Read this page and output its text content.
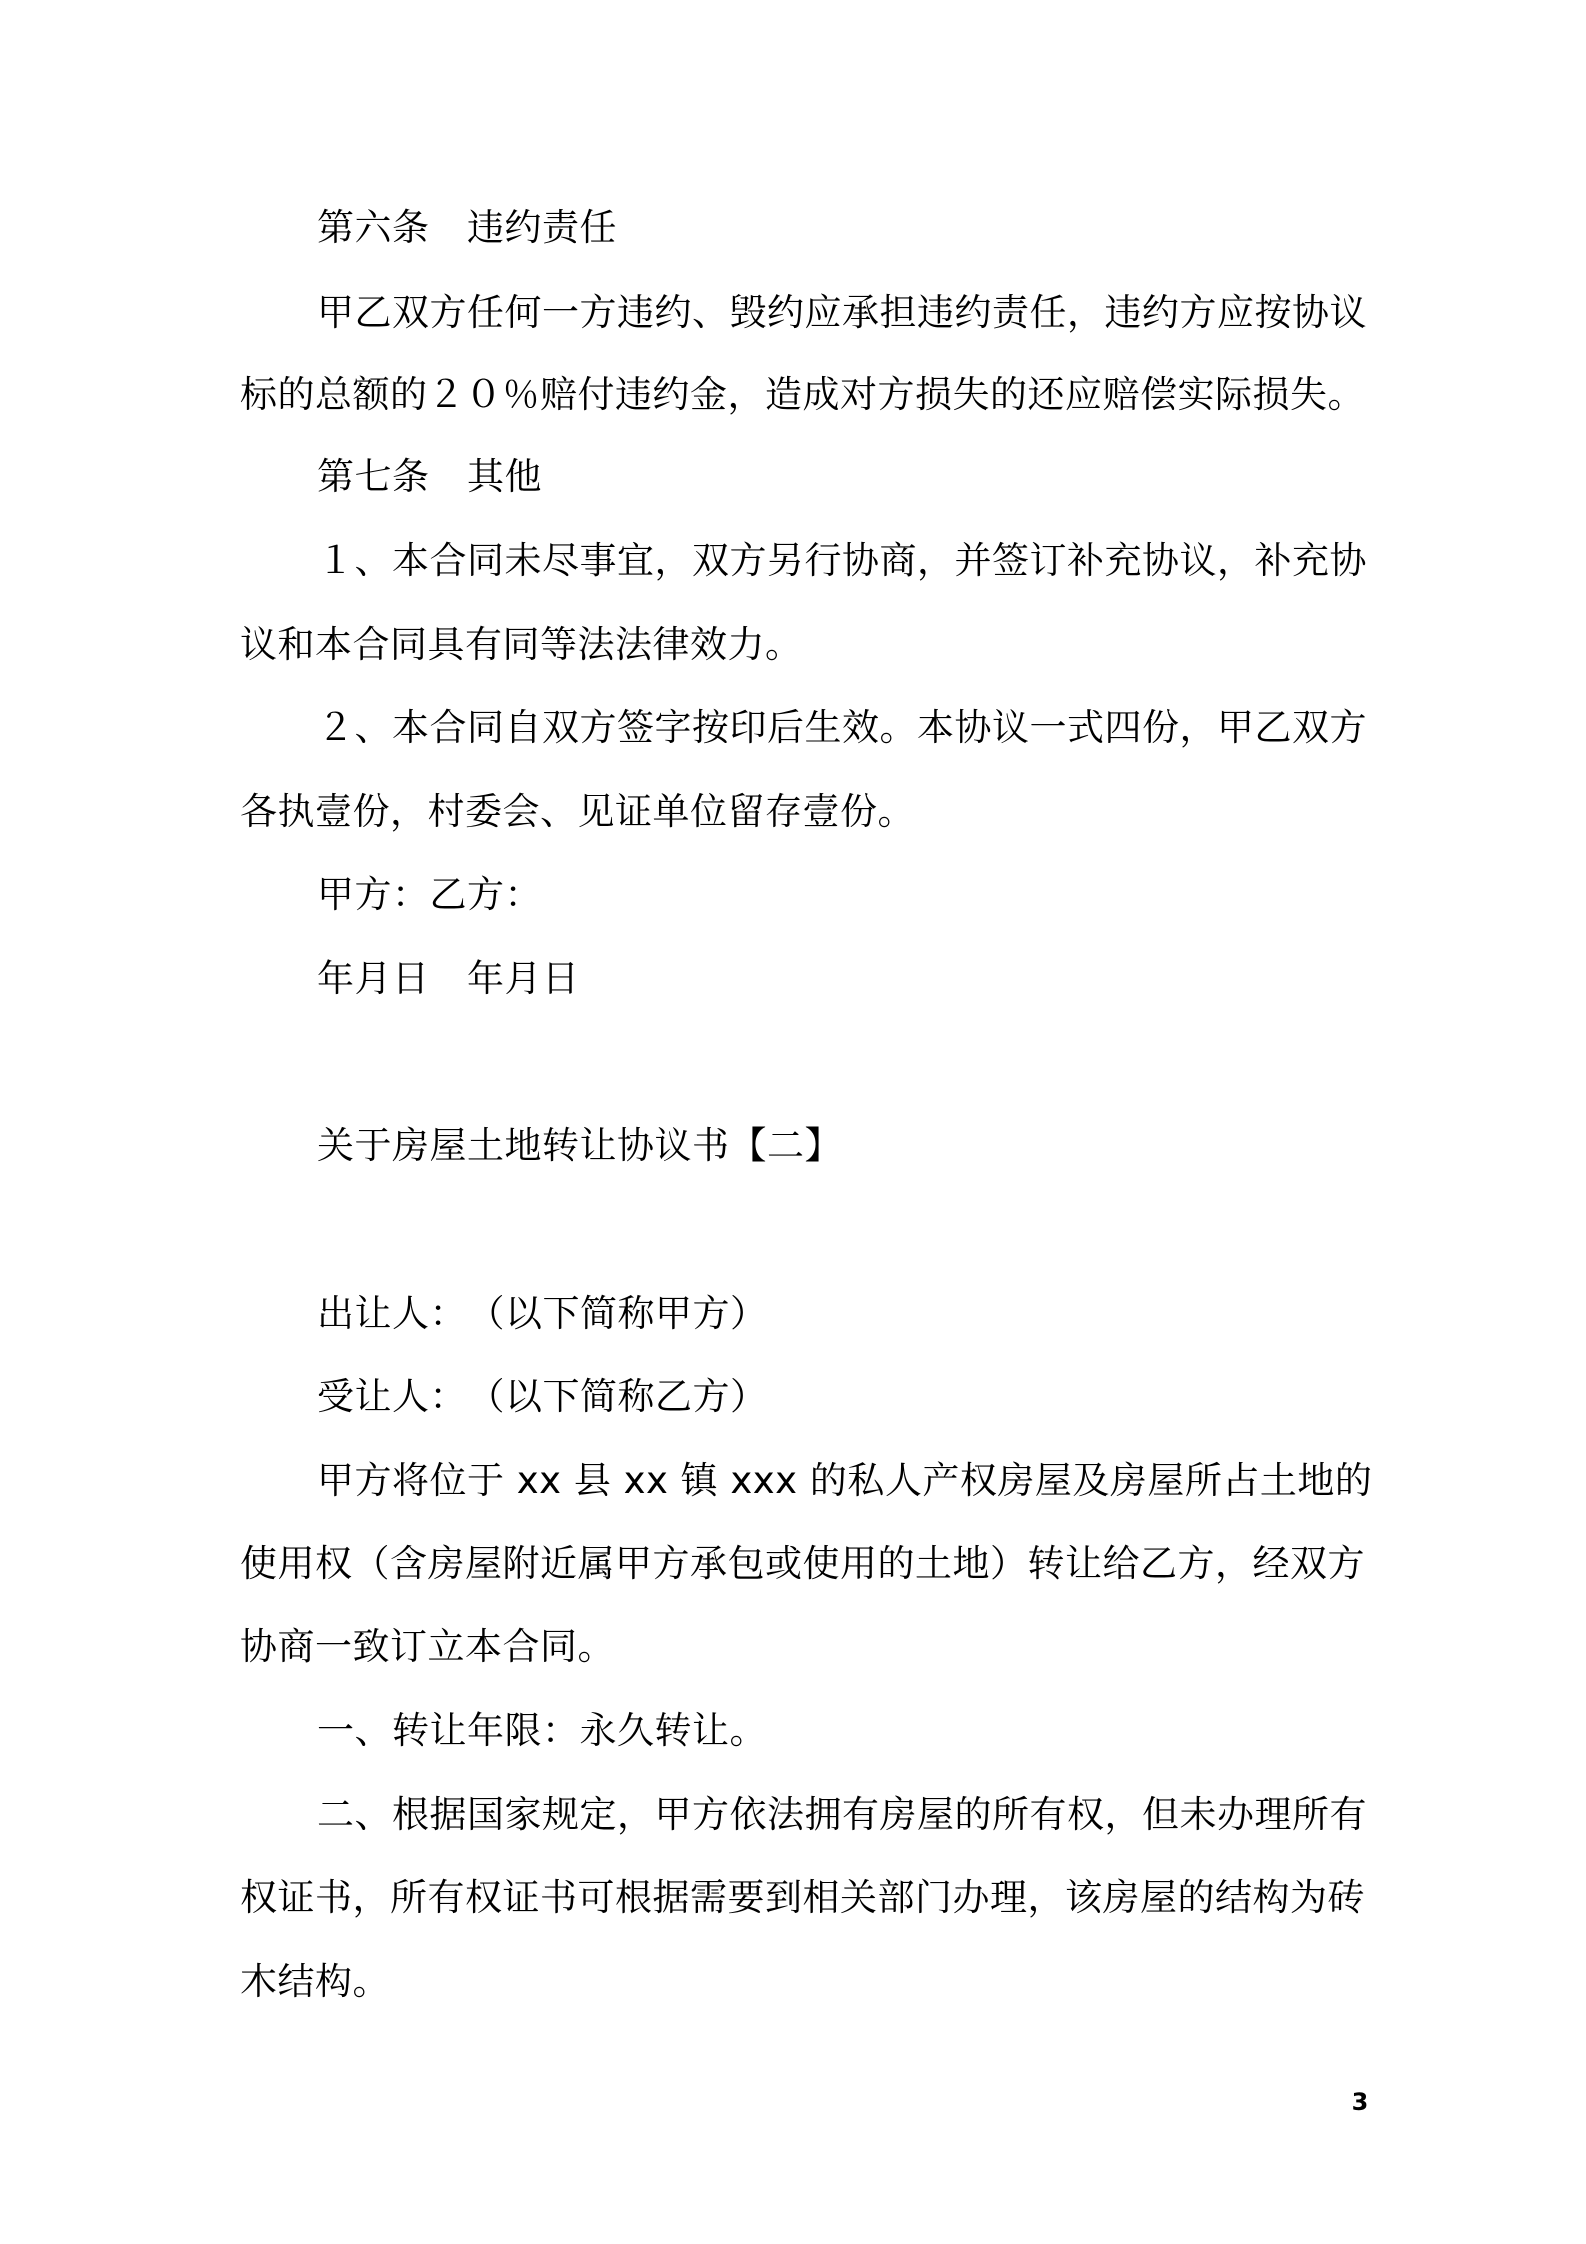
第六条　违约责任
甲乙双方任何一方违约、毁约应承担违约责任，违约方应按协议
标的总额的２０％赔付违约金，造成对方损失的还应赔偿实际损失。
第七条　其他
１、本合同未尽事宜，双方另行协商，并签订补充协议，补充协
议和本合同具有同等法法律效力。
２、本合同自双方签字按印后生效。本协议一式四份，甲乙双方
各执壹份，村委会、见证单位留存壹份。
甲方：乙方：
年月日　年月日
关于房屋土地转让协议书【二】
出让人：　（以下简称甲方）
受让人：　（以下简称乙方）
甲方将位于 xx 县 xx 镇 xxx 的私人产权房屋及房屋所占土地的
使用权（含房屋附近属甲方承包或使用的土地）转让给乙方，经双方
协商一致订立本合同。
一、转让年限：永久转让。
二、根据国家规定，甲方依法拥有房屋的所有权，但未办理所有
权证书，所有权证书可根据需要到相关部门办理，该房屋的结构为砖
木结构。
3
